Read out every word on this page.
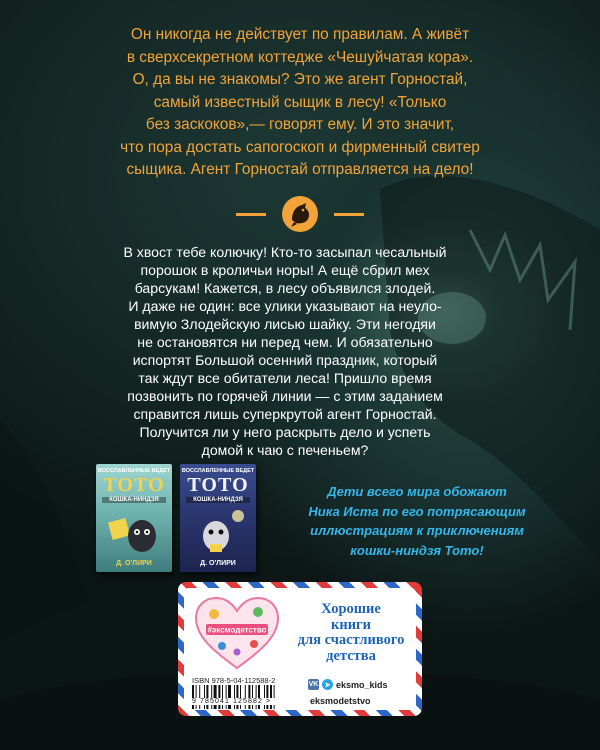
Он никогда не действует по правилам. А живёт
в сверхсекретном коттедже «Чешуйчатая кора».
О, да вы не знакомы? Это же агент Горностай,
самый известный сыщик в лесу! «Только
без заскоков»,— говорят ему. И это значит,
что пора достать сапогоскоп и фирменный свитер
сыщика. Агент Горностай отправляется на дело!
В хвост тебе колючку! Кто-то засыпал чесальный
порошок в кроличьи норы! А ещё сбрил мех
барсукам! Кажется, в лесу объявился злодей.
И даже не один: все улики указывают на неуло-
вимую Злодейскую лисью шайку. Эти негодяи
не остановятся ни перед чем. И обязательно
испортят Большой осенний праздник, который
так ждут все обитатели леса! Пришло время
позвонить по горячей линии — с этим заданием
справится лишь суперкрутой агент Горностай.
Получится ли у него раскрыть дело и успеть
домой к чаю с печеньем?
ВОССЛАВЛЕННЫЕ ВЕДЕТ
ТОТО
КОШКА-НИНДЗЯ
Д. О'ЛИРИ
ВОССЛАВЛЕННЫЕ ВЕДЕТ
ТОТО
КОШКА-НИНДЗЯ
Д. О'ЛИРИ
Дети всего мира обожают
Ника Иста по его потрясающим
иллюстрациям к приключениям
кошки-ниндзя Тото!
#эксмодетство
Хорошие
книги
для счастливого
детства
ISBN 978-5-04-112588-2
9 785041 125882 >
VK ➤ eksmo_kids
eksmodetstvo
